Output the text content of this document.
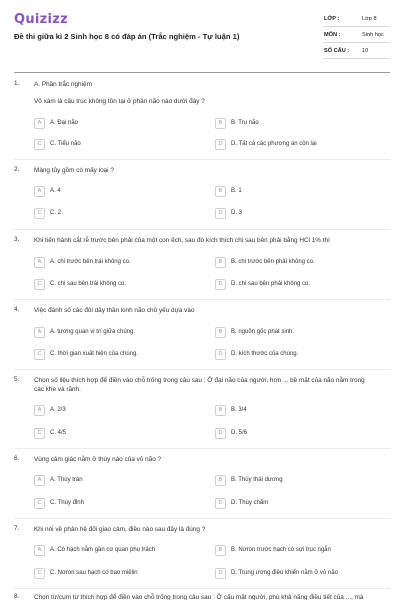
Quizizz
Đề thi giữa kì 2 Sinh học 8 có đáp án (Trắc nghiệm - Tự luận 1)
LỚP :	Lớp 8
MÔN :	Sinh học
SỐ CÂU : 10
1. A. Phần trắc nghiệm
Vỏ xám là cấu trúc không tồn tại ở phần não nào dưới đây ?
A	A. Đại não	B	B. Trụ não
C	C. Tiểu não	D	D. Tất cả các phương án còn lại
2. Màng tủy gồm có mấy loại ?
A	A. 4	B	B. 1
C	C. 2	D	D. 3
3. Khi tiến hành cắt rễ trước bên phải của một con ếch, sau đó kích thích chi sau bên phải bằng HCl 1% thì
A	A. chi trước bên trái không co.	B	B. chi trước bên phải không co.
C	C. chi sau bên trái không co.	D	D. chi sau bên phải không co.
4. Việc đánh số các đôi dây thần kinh não chủ yếu dựa vào
A	A. tương quan vị trí giữa chúng.	B	B. nguồn gốc phát sinh.
C	C. thời gian xuất hiện của chúng.	D	D. kích thước của chúng.
5. Chọn số liệu thích hợp để điền vào chỗ trống trong câu sau : Ở đại não của người, hơn ... bề mặt của não nằm trong
các khe và rãnh.
A	A. 2/3	B	B. 3/4
C	C. 4/5	D	D. 5/6
6. Vùng cảm giác nằm ở thùy nào của vỏ não ?
A	A. Thùy trán	B	B. Thùy thái dương
C	C. Thùy đỉnh	D	D. Thùy chẩm
7. Khi nói về phân hệ đối giao cảm, điều nào sau đây là đúng ?
A	A. Có hạch nằm gần cơ quan phụ trách	B	B. Nơron trước hạch có sợi trục ngắn
C	C. Nơron sau hạch có bao miêlin	D	D. Trung ương điều khiển nằm ở vỏ não
8. Chọn từ/cụm từ thích hợp để điền vào chỗ trống trong câu sau : Ở cấu mặt người, phù khả năng điều tiết của ..., mà
